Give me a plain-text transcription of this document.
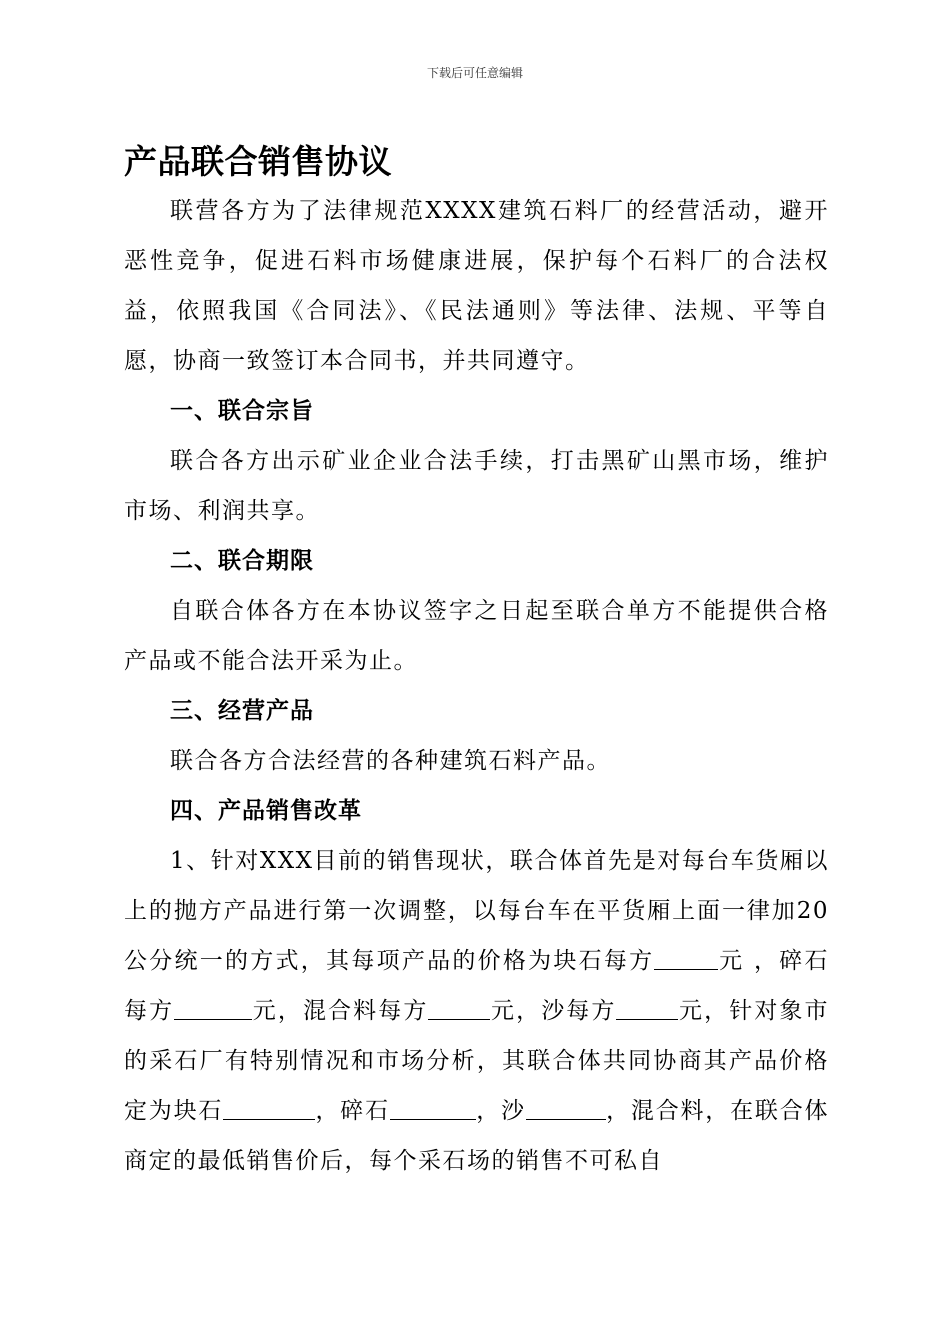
下载后可任意编辑
产品联合销售协议

联营各方为了法律规范XXXX建筑石料厂的经营活动，避开恶性竞争，促进石料市场健康进展，保护每个石料厂的合法权益，依照我国《合同法》、《民法通则》等法律、法规、平等自愿，协商一致签订本合同书，并共同遵守。

一、联合宗旨

联合各方出示矿业企业合法手续，打击黑矿山黑市场，维护市场、利润共享。

二、联合期限

自联合体各方在本协议签字之日起至联合单方不能提供合格产品或不能合法开采为止。

三、经营产品

联合各方合法经营的各种建筑石料产品。

四、产品销售改革

1、针对XXX目前的销售现状，联合体首先是对每台车货厢以上的抛方产品进行第一次调整，以每台车在平货厢上面一律加20公分统一的方式，其每项产品的价格为块石每方	元 ，碎石每方	元，混合料每方	元，沙每方	元，针对象市的采石厂有特别情况和市场分析，其联合体共同协商其产品价格定为块石	，碎石	，沙	，混合料，在联合体商定的最低销售价后，每个采石场的销售不可私自
